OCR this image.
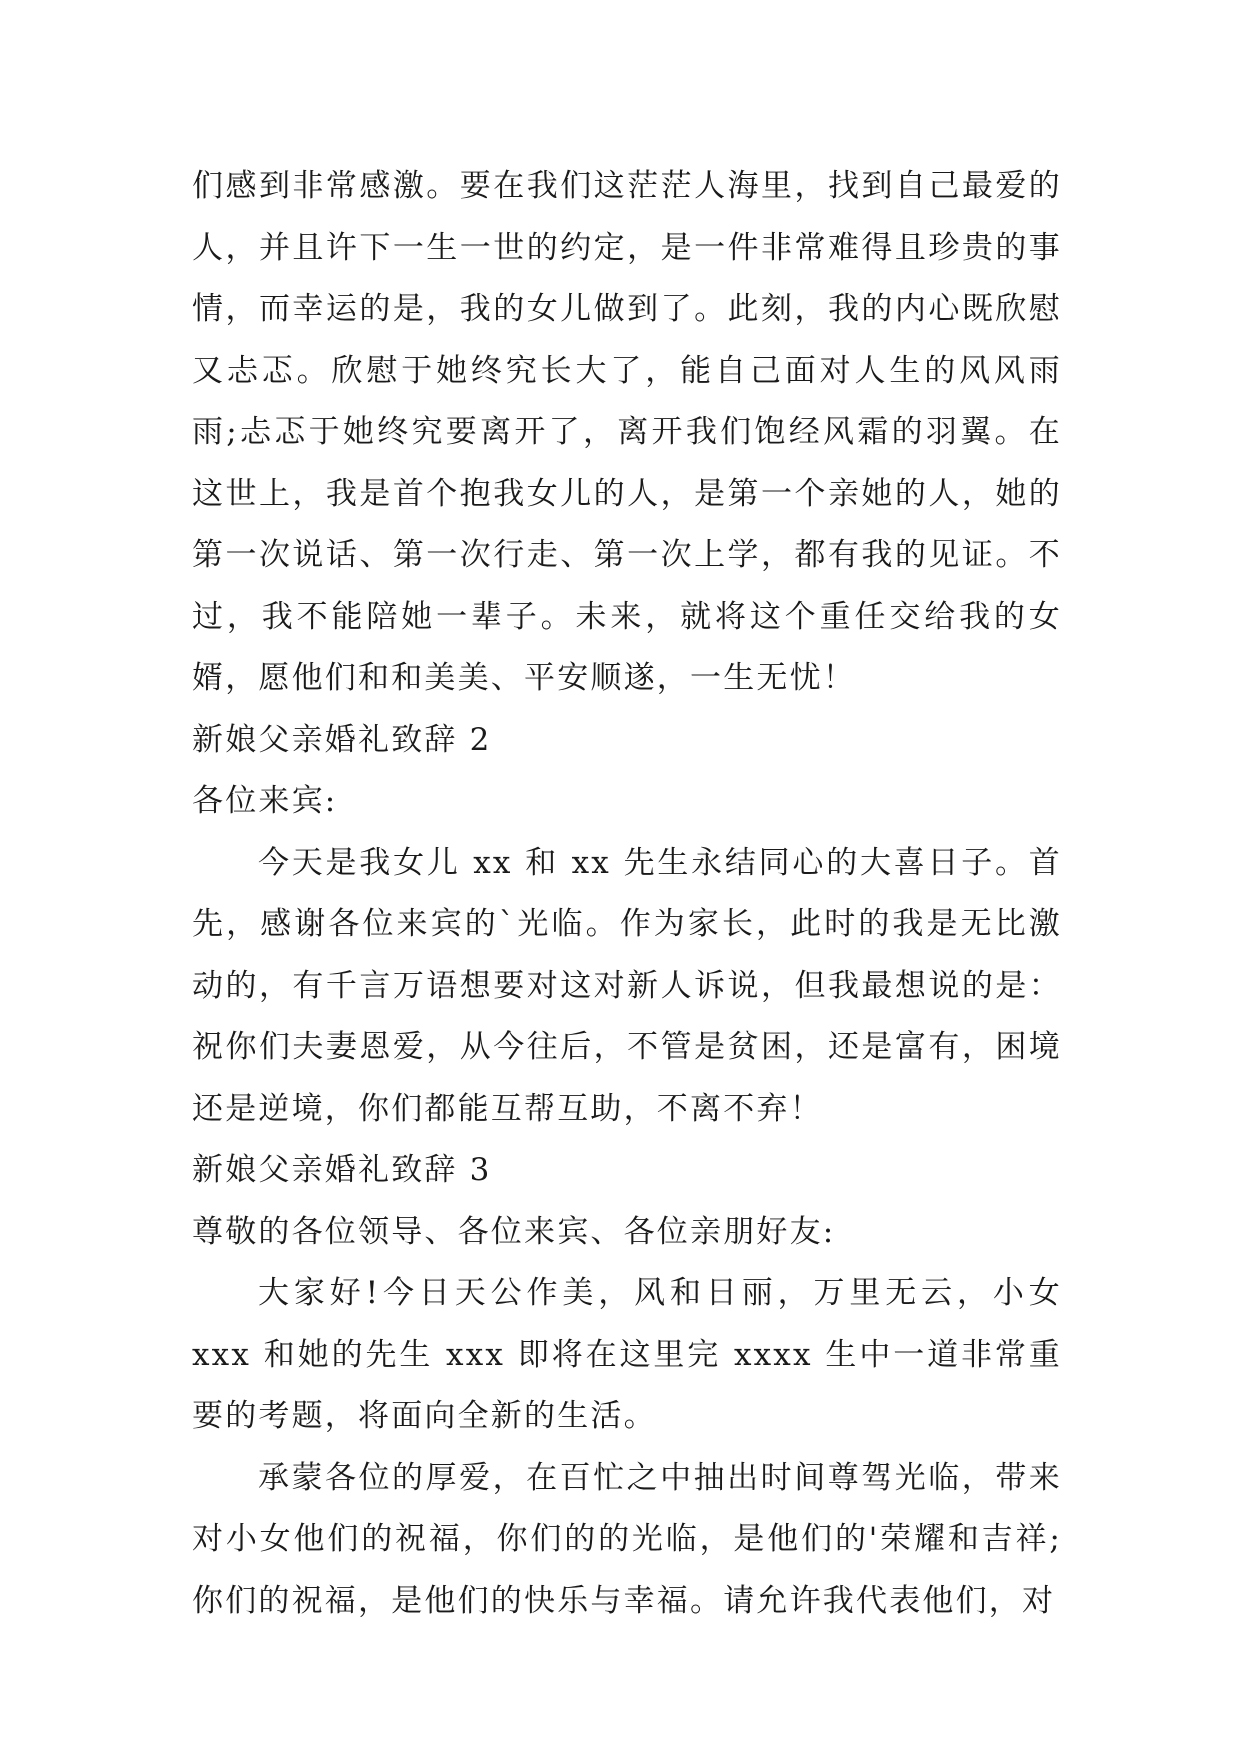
们感到非常感激。要在我们这茫茫人海里，找到自己最爱的人，并且许下一生一世的约定，是一件非常难得且珍贵的事情，而幸运的是，我的女儿做到了。此刻，我的内心既欣慰又忐忑。欣慰于她终究长大了，能自己面对人生的风风雨雨;忐忑于她终究要离开了，离开我们饱经风霜的羽翼。在这世上，我是首个抱我女儿的人，是第一个亲她的人，她的第一次说话、第一次行走、第一次上学，都有我的见证。不过，我不能陪她一辈子。未来，就将这个重任交给我的女婿，愿他们和和美美、平安顺遂，一生无忧！

新娘父亲婚礼致辞 2

各位来宾:

今天是我女儿 xx 和 xx 先生永结同心的大喜日子。首先，感谢各位来宾的`光临。作为家长，此时的我是无比激动的，有千言万语想要对这对新人诉说，但我最想说的是：祝你们夫妻恩爱，从今往后，不管是贫困，还是富有，困境还是逆境，你们都能互帮互助，不离不弃！

新娘父亲婚礼致辞 3

尊敬的各位领导、各位来宾、各位亲朋好友:

大家好!今日天公作美，风和日丽，万里无云，小女 xxx 和她的先生 xxx 即将在这里完 xxxx 生中一道非常重要的考题，将面向全新的生活。

承蒙各位的厚爱，在百忙之中抽出时间尊驾光临，带来对小女他们的祝福，你们的的光临，是他们的'荣耀和吉祥;你们的祝福，是他们的快乐与幸福。请允许我代表他们，对
